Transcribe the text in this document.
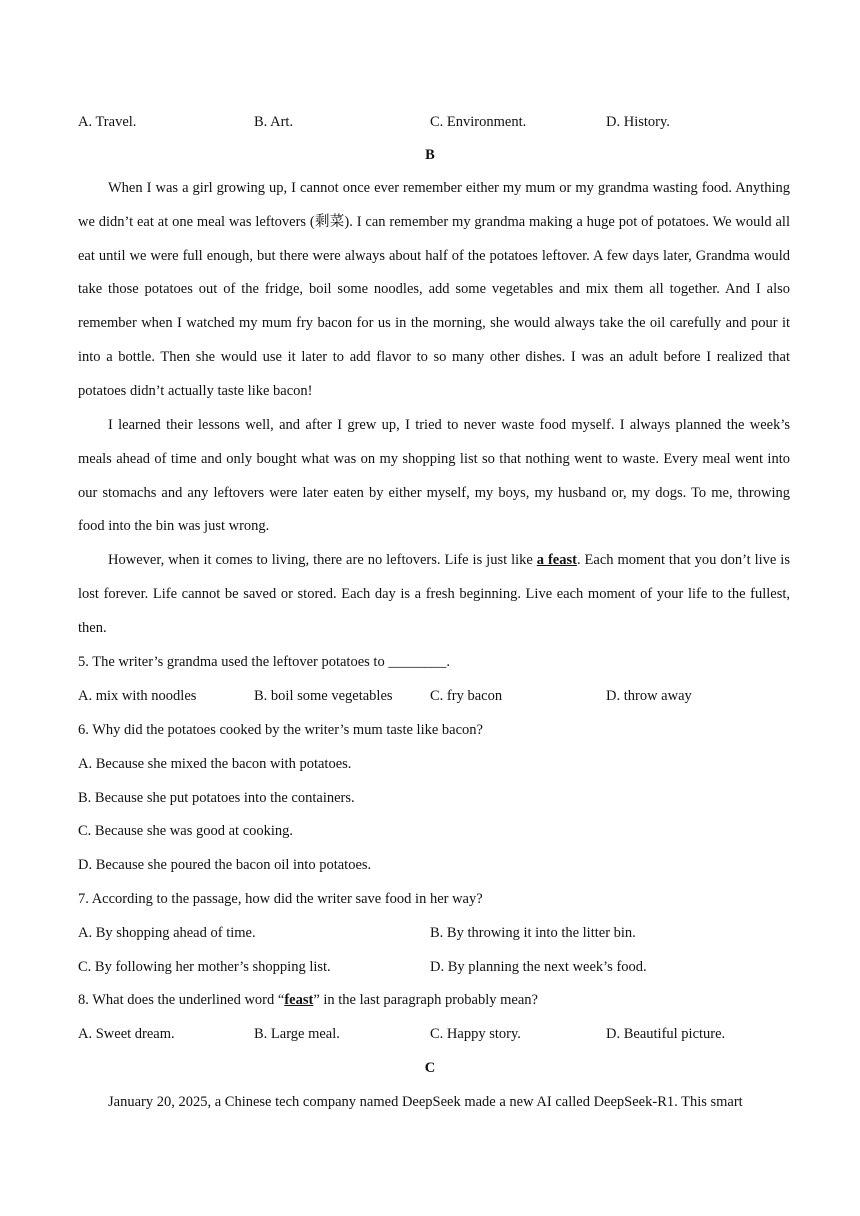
A. Travel.	B. Art.	C. Environment.	D. History.
B

When I was a girl growing up, I cannot once ever remember either my mum or my grandma wasting food. Anything we didn’t eat at one meal was leftovers (剩菜). I can remember my grandma making a huge pot of potatoes. We would all eat until we were full enough, but there were always about half of the potatoes leftover. A few days later, Grandma would take those potatoes out of the fridge, boil some noodles, add some vegetables and mix them all together. And I also remember when I watched my mum fry bacon for us in the morning, she would always take the oil carefully and pour it into a bottle. Then she would use it later to add flavor to so many other dishes. I was an adult before I realized that potatoes didn’t actually taste like bacon!

I learned their lessons well, and after I grew up, I tried to never waste food myself. I always planned the week’s meals ahead of time and only bought what was on my shopping list so that nothing went to waste. Every meal went into our stomachs and any leftovers were later eaten by either myself, my boys, my husband or, my dogs. To me, throwing food into the bin was just wrong.

However, when it comes to living, there are no leftovers. Life is just like a feast. Each moment that you don’t live is lost forever. Life cannot be saved or stored. Each day is a fresh beginning. Live each moment of your life to the fullest, then.

5. The writer’s grandma used the leftover potatoes to ________.
A. mix with noodles	B. boil some vegetables	C. fry bacon	D. throw away
6. Why did the potatoes cooked by the writer’s mum taste like bacon?
A. Because she mixed the bacon with potatoes.
B. Because she put potatoes into the containers.
C. Because she was good at cooking.
D. Because she poured the bacon oil into potatoes.
7. According to the passage, how did the writer save food in her way?
A. By shopping ahead of time.	B. By throwing it into the litter bin.
C. By following her mother’s shopping list.	D. By planning the next week’s food.
8. What does the underlined word “feast” in the last paragraph probably mean?
A. Sweet dream.	B. Large meal.	C. Happy story.	D. Beautiful picture.
C
January 20, 2025, a Chinese tech company named DeepSeek made a new AI called DeepSeek-R1. This smart
